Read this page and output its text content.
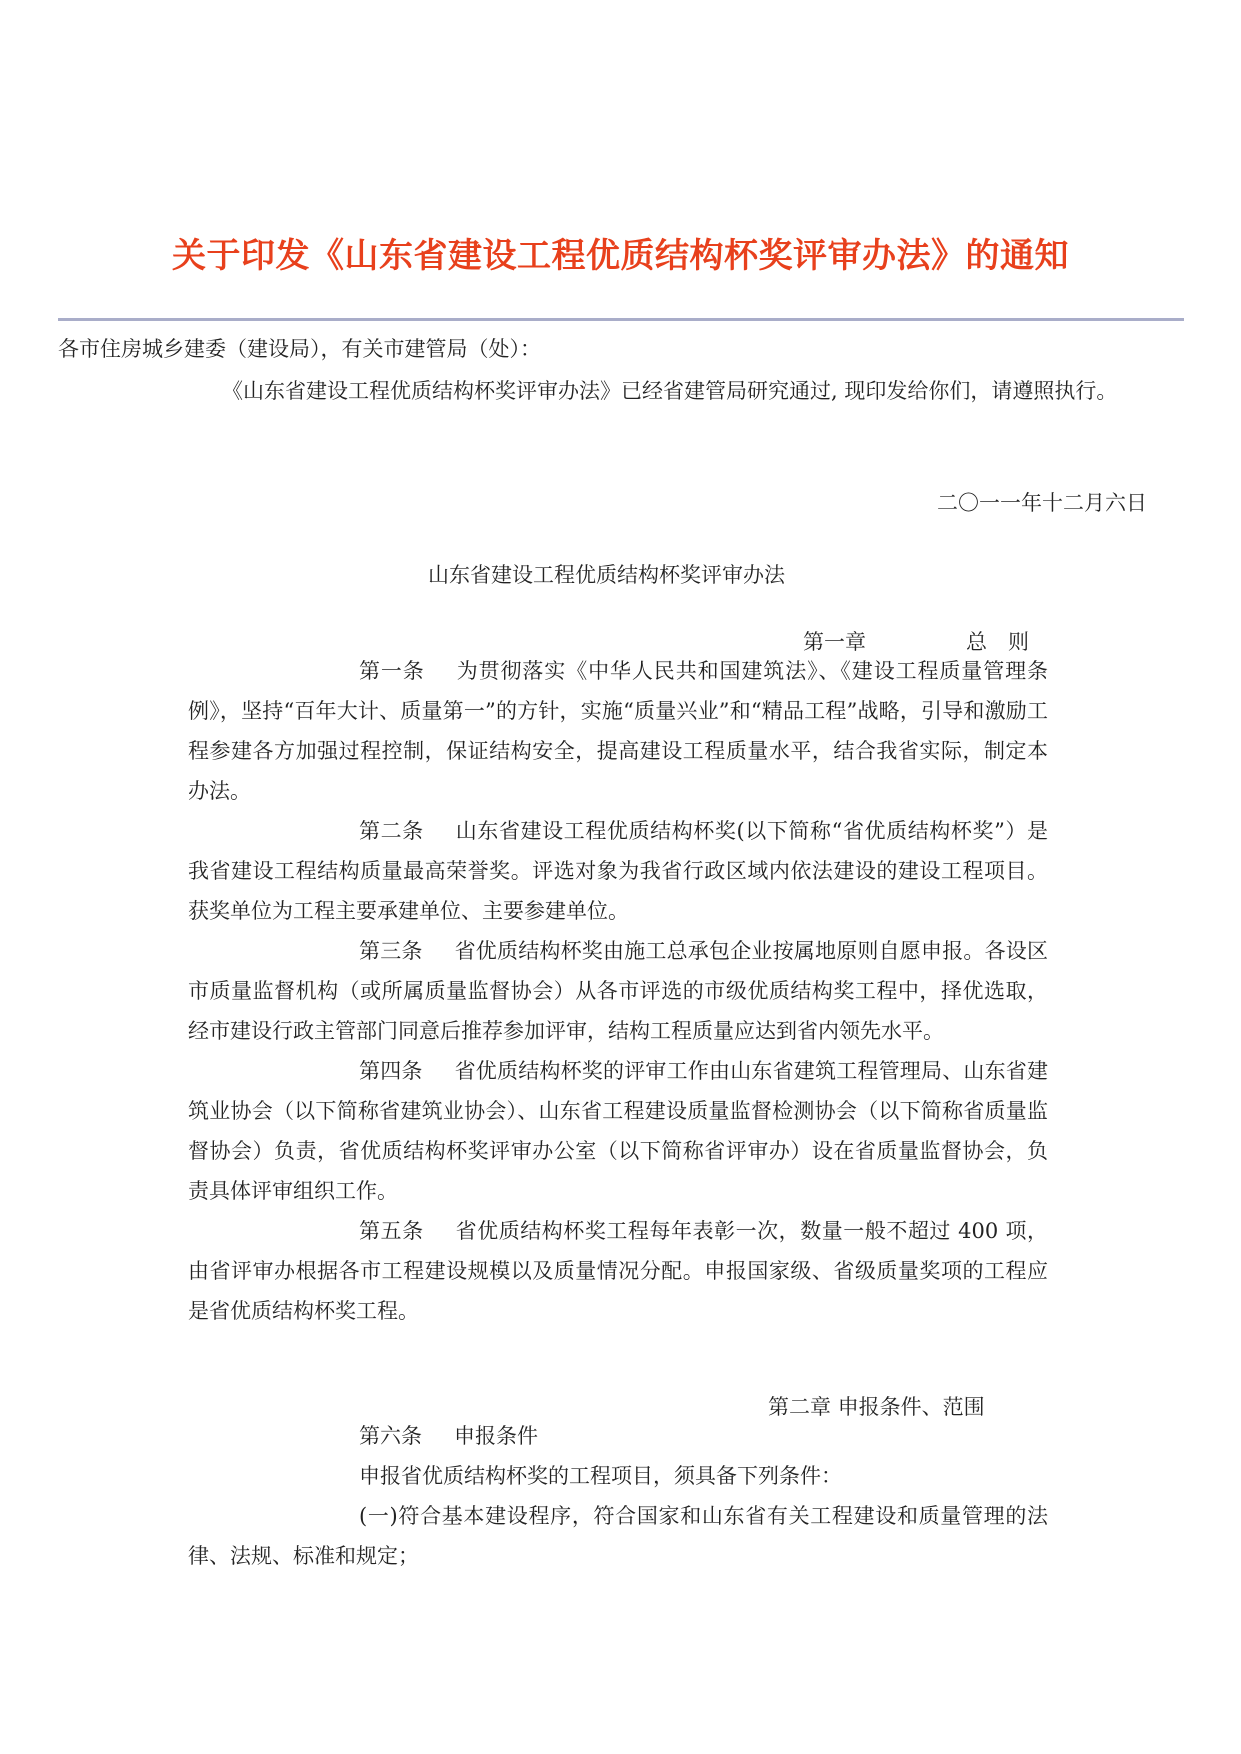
关于印发《山东省建设工程优质结构杯奖评审办法》的通知
各市住房城乡建委（建设局），有关市建管局（处）：
《山东省建设工程优质结构杯奖评审办法》已经省建管局研究通过, 现印发给你们，请遵照执行。
二〇一一年十二月六日
山东省建设工程优质结构杯奖评审办法
第一章	总　则

第一条 为贯彻落实《中华人民共和国建筑法》、《建设工程质量管理条例》，坚持“百年大计、质量第一”的方针，实施“质量兴业”和“精品工程”战略，引导和激励工程参建各方加强过程控制，保证结构安全，提高建设工程质量水平，结合我省实际，制定本办法。

第二条 山东省建设工程优质结构杯奖(以下简称“省优质结构杯奖”）是我省建设工程结构质量最高荣誉奖。评选对象为我省行政区域内依法建设的建设工程项目。获奖单位为工程主要承建单位、主要参建单位。

第三条 省优质结构杯奖由施工总承包企业按属地原则自愿申报。各设区市质量监督机构（或所属质量监督协会）从各市评选的市级优质结构奖工程中，择优选取，经市建设行政主管部门同意后推荐参加评审，结构工程质量应达到省内领先水平。

第四条 省优质结构杯奖的评审工作由山东省建筑工程管理局、山东省建筑业协会（以下简称省建筑业协会）、山东省工程建设质量监督检测协会（以下简称省质量监督协会）负责，省优质结构杯奖评审办公室（以下简称省评审办）设在省质量监督协会，负责具体评审组织工作。

第五条 省优质结构杯奖工程每年表彰一次，数量一般不超过 400 项，由省评审办根据各市工程建设规模以及质量情况分配。申报国家级、省级质量奖项的工程应是省优质结构杯奖工程。

第二章 申报条件、范围

第六条 申报条件

申报省优质结构杯奖的工程项目，须具备下列条件：

(一)符合基本建设程序，符合国家和山东省有关工程建设和质量管理的法律、法规、标准和规定；
